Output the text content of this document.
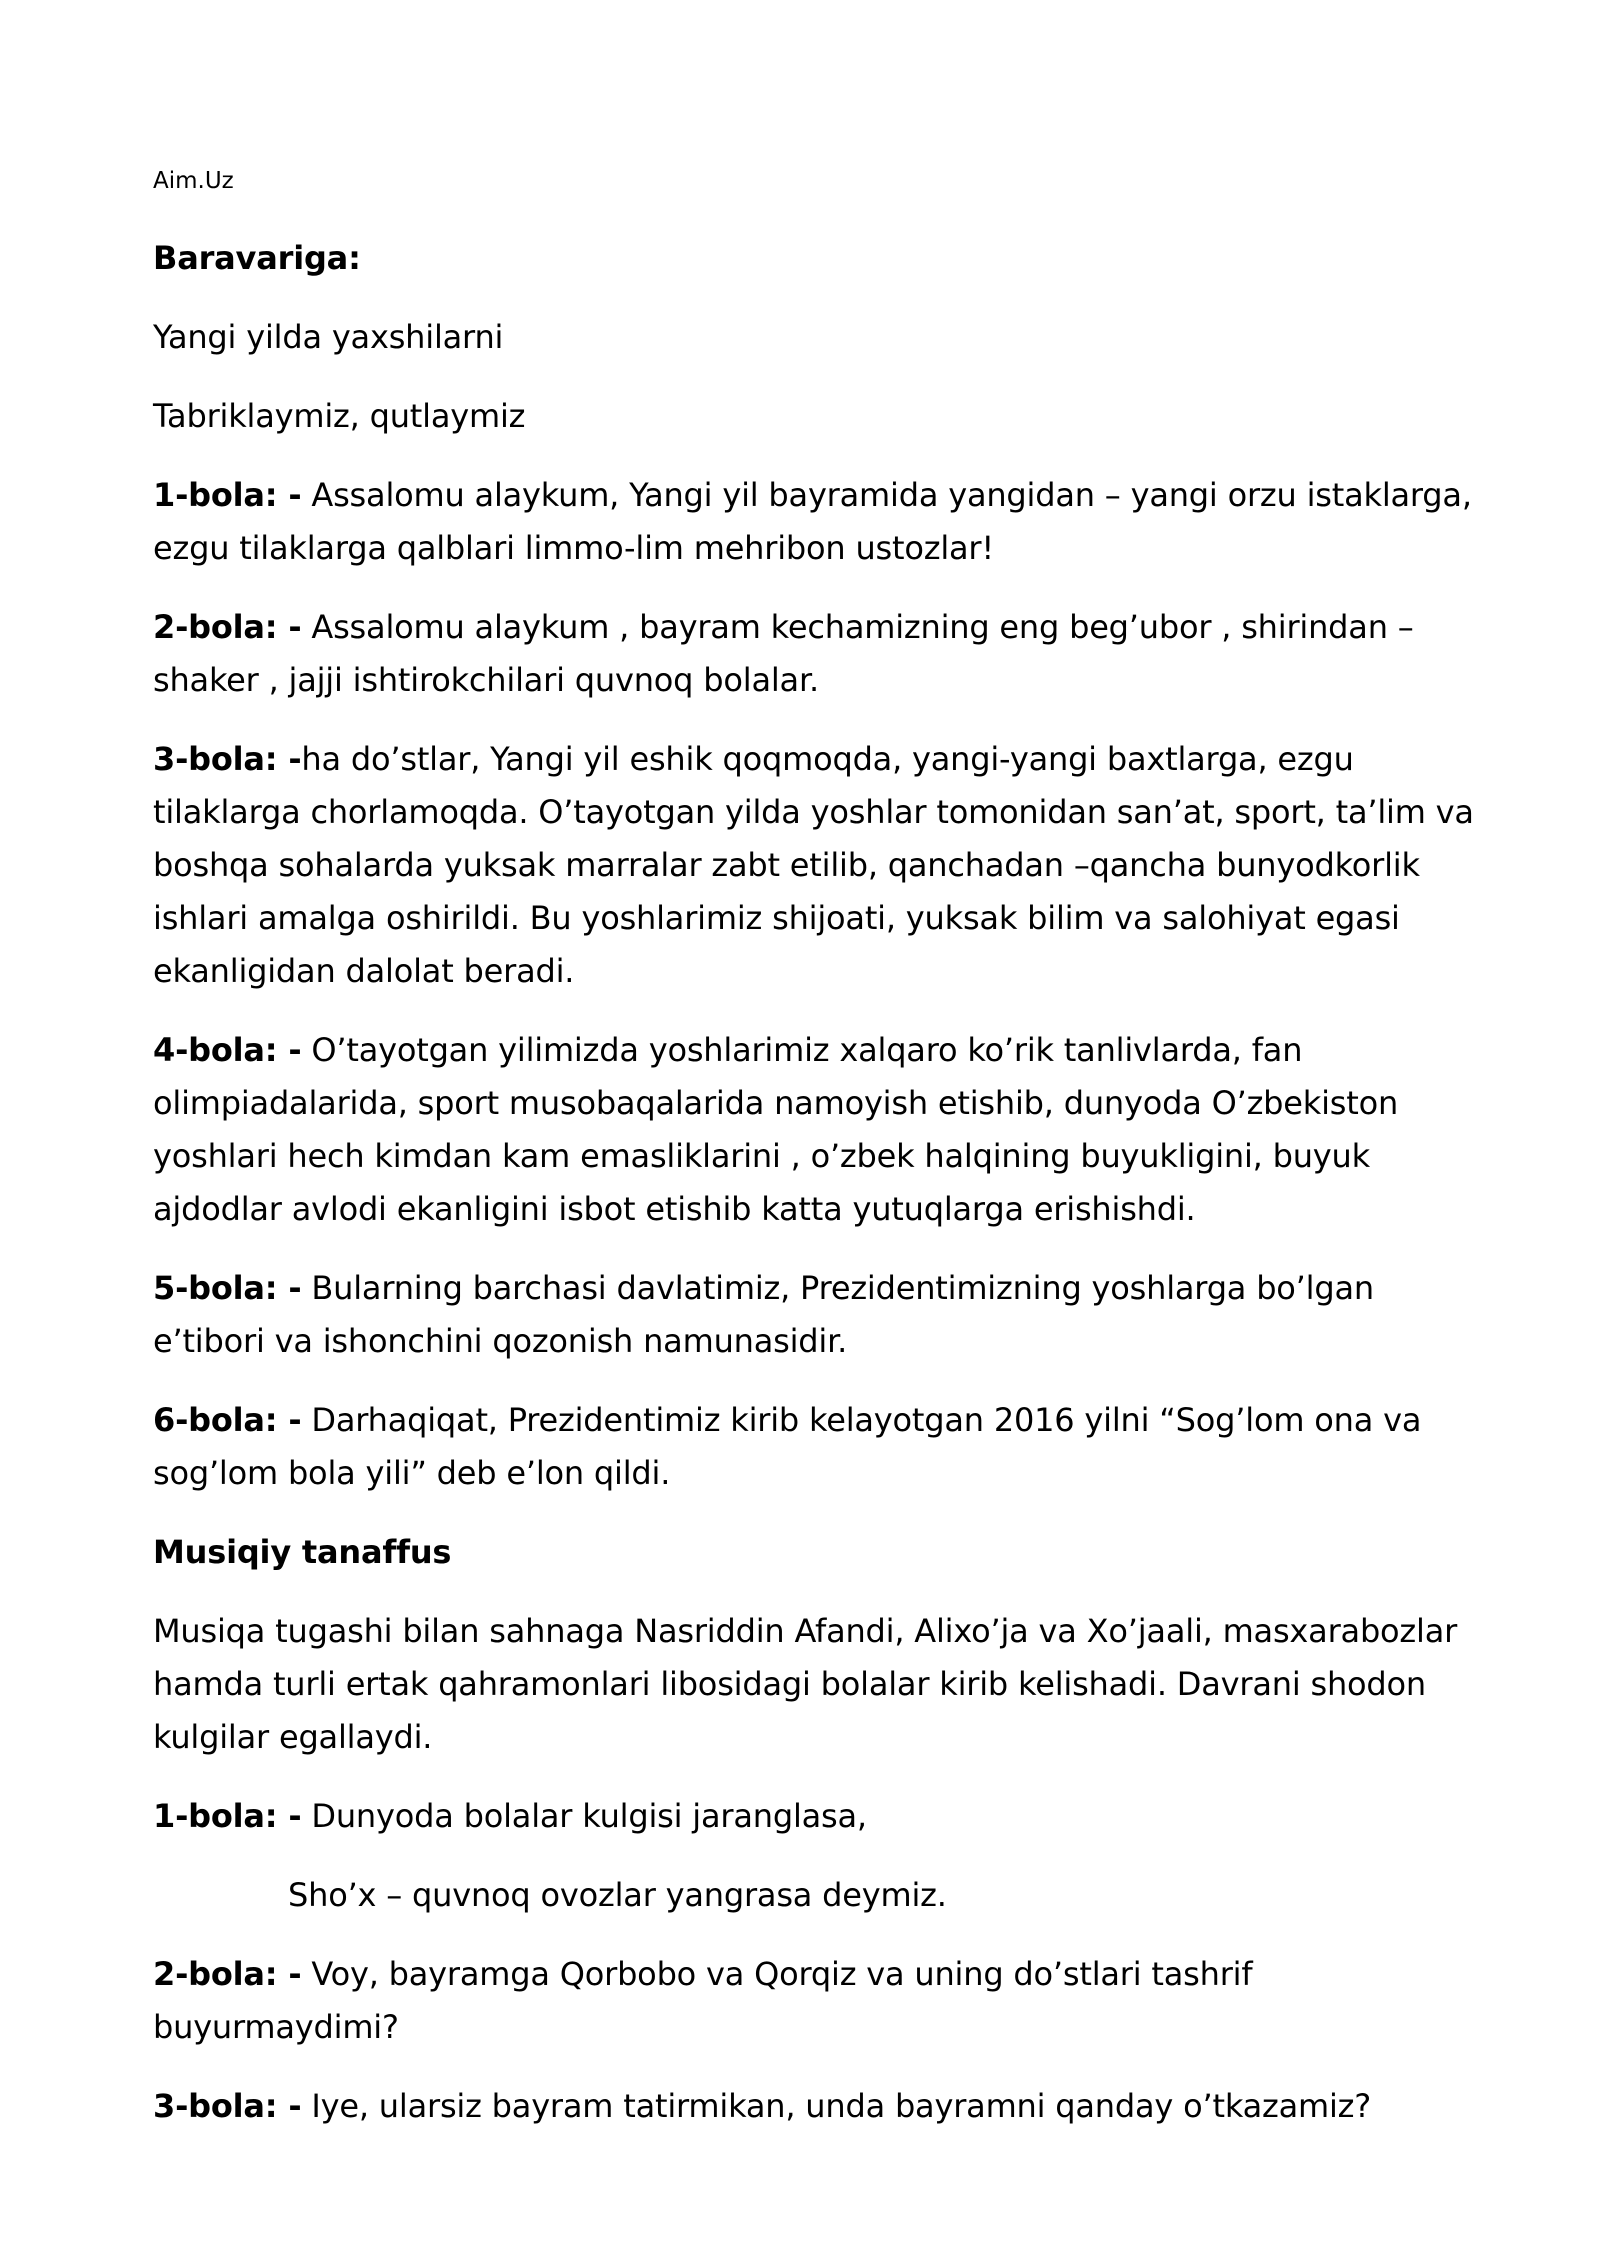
Aim.Uz

Baravariga:

Yangi yilda yaxshilarni

Tabriklaymiz, qutlaymiz

1-bola: - Assalomu alaykum, Yangi yil bayramida yangidan – yangi orzu istaklarga, ezgu tilaklarga qalblari limmo-lim mehribon ustozlar!

2-bola: - Assalomu alaykum , bayram kechamizning eng beg’ubor , shirindan – shaker , jajji ishtirokchilari quvnoq bolalar.

3-bola: -ha do’stlar, Yangi yil eshik qoqmoqda, yangi-yangi baxtlarga, ezgu tilaklarga chorlamoqda. O’tayotgan yilda yoshlar tomonidan san’at, sport, ta’lim va boshqa sohalarda yuksak marralar zabt etilib, qanchadan –qancha bunyodkorlik ishlari amalga oshirildi. Bu yoshlarimiz shijoati, yuksak bilim va salohiyat egasi ekanligidan dalolat beradi.

4-bola: - O’tayotgan yilimizda yoshlarimiz xalqaro ko’rik tanlivlarda, fan olimpiadalarida, sport musobaqalarida namoyish etishib, dunyoda O’zbekiston yoshlari hech kimdan kam emasliklarini , o’zbek halqining buyukligini, buyuk ajdodlar avlodi ekanligini isbot etishib katta yutuqlarga erishishdi.

5-bola: - Bularning barchasi davlatimiz, Prezidentimizning yoshlarga bo’lgan e’tibori va ishonchini qozonish namunasidir.

6-bola: - Darhaqiqat, Prezidentimiz kirib kelayotgan 2016 yilni “Sog’lom ona va sog’lom bola yili” deb e’lon qildi.

Musiqiy tanaffus

Musiqa tugashi bilan sahnaga Nasriddin Afandi, Alixo’ja va Xo’jaali, masxarabozlar hamda turli ertak qahramonlari libosidagi bolalar kirib kelishadi. Davrani shodon kulgilar egallaydi.

1-bola: - Dunyoda bolalar kulgisi jaranglasa,

Sho’x – quvnoq ovozlar yangrasa deymiz.

2-bola: - Voy, bayramga Qorbobo va Qorqiz va uning do’stlari tashrif buyurmaydimi?

3-bola: - Iye, ularsiz bayram tatirmikan, unda bayramni qanday o’tkazamiz?
